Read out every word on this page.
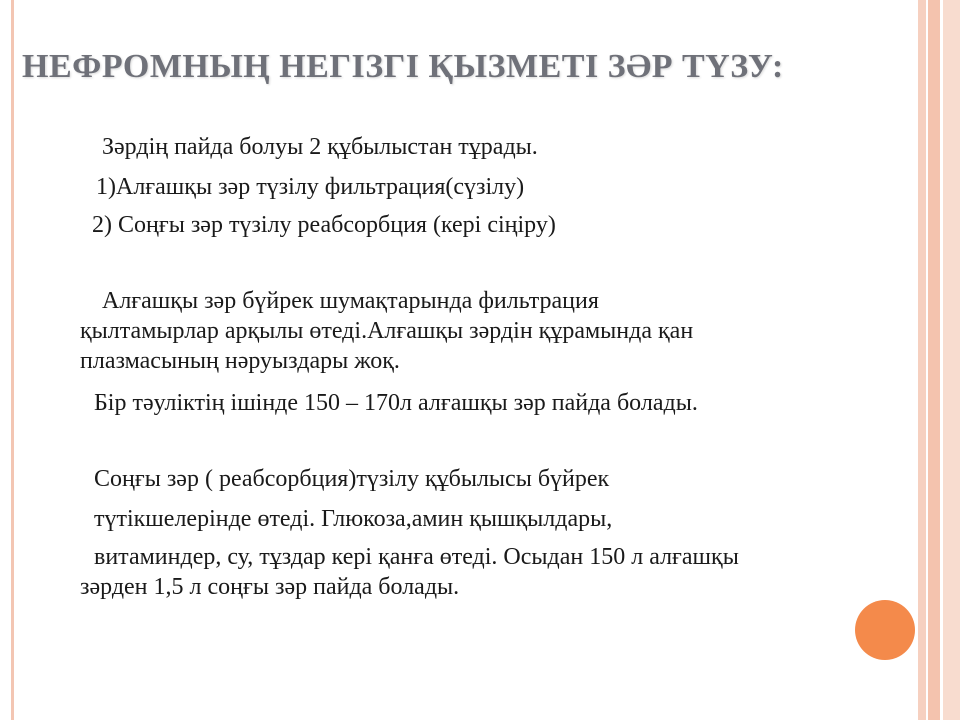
НЕФРОМНЫҢ НЕГІЗГІ ҚЫЗМЕТІ ЗӘР ТҮЗУ:

Зәрдің пайда болуы 2 құбылыстан тұрады.

1)Алғашқы зәр түзілу фильтрация(сүзілу)

2) Соңғы зәр түзілу реабсорбция (кері сіңіру)

Алғашқы зәр бүйрек шумақтарында фильтрация

қылтамырлар арқылы өтеді.Алғашқы зәрдін құрамында қан

плазмасының нәруыздары жоқ.

Бір тәуліктің ішінде 150 – 170л алғашқы зәр пайда болады.

Соңғы зәр ( реабсорбция)түзілу құбылысы бүйрек

түтікшелерінде өтеді. Глюкоза,амин қышқылдары,

витаминдер, су, тұздар кері қанға өтеді. Осыдан 150 л алғашқы

зәрден 1,5 л соңғы зәр пайда болады.
